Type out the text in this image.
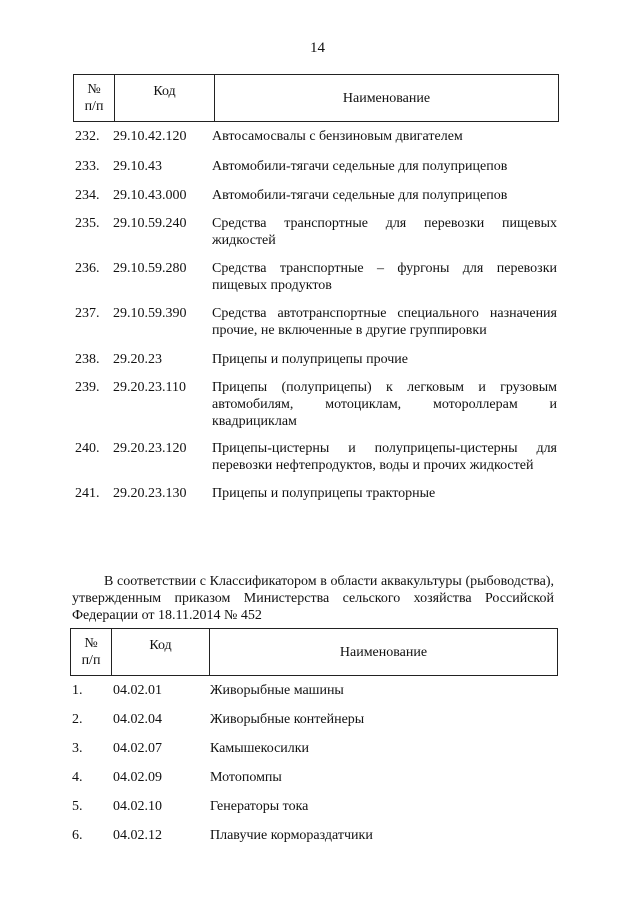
14
№
п/п
Код	Наименование
232. 29.10.42.120	Автосамосвалы с бензиновым двигателем
233. 29.10.43	Автомобили-тягачи седельные для полуприцепов
234. 29.10.43.000	Автомобили-тягачи седельные для полуприцепов
235. 29.10.59.240	Средства транспортные для перевозки пищевых жидкостей
236. 29.10.59.280	Средства транспортные – фургоны для перевозки пищевых продуктов
237. 29.10.59.390	Средства автотранспортные специального назначения прочие, не включенные в другие группировки
238. 29.20.23	Прицепы и полуприцепы прочие
239. 29.20.23.110	Прицепы (полуприцепы) к легковым и грузовым автомобилям, мотоциклам, мотороллерам и квадрициклам
240. 29.20.23.120	Прицепы-цистерны и полуприцепы-цистерны для перевозки нефтепродуктов, воды и прочих жидкостей
241. 29.20.23.130	Прицепы и полуприцепы тракторные
В соответствии с Классификатором в области аквакультуры (рыбоводства), утвержденным приказом Министерства сельского хозяйства Российской Федерации от 18.11.2014 № 452
№
п/п
Код	Наименование
1.	04.02.01	Живорыбные машины
2.	04.02.04	Живорыбные контейнеры
3.	04.02.07	Камышекосилки
4.	04.02.09	Мотопомпы
5.	04.02.10	Генераторы тока
6.	04.02.12	Плавучие кормораздатчики
